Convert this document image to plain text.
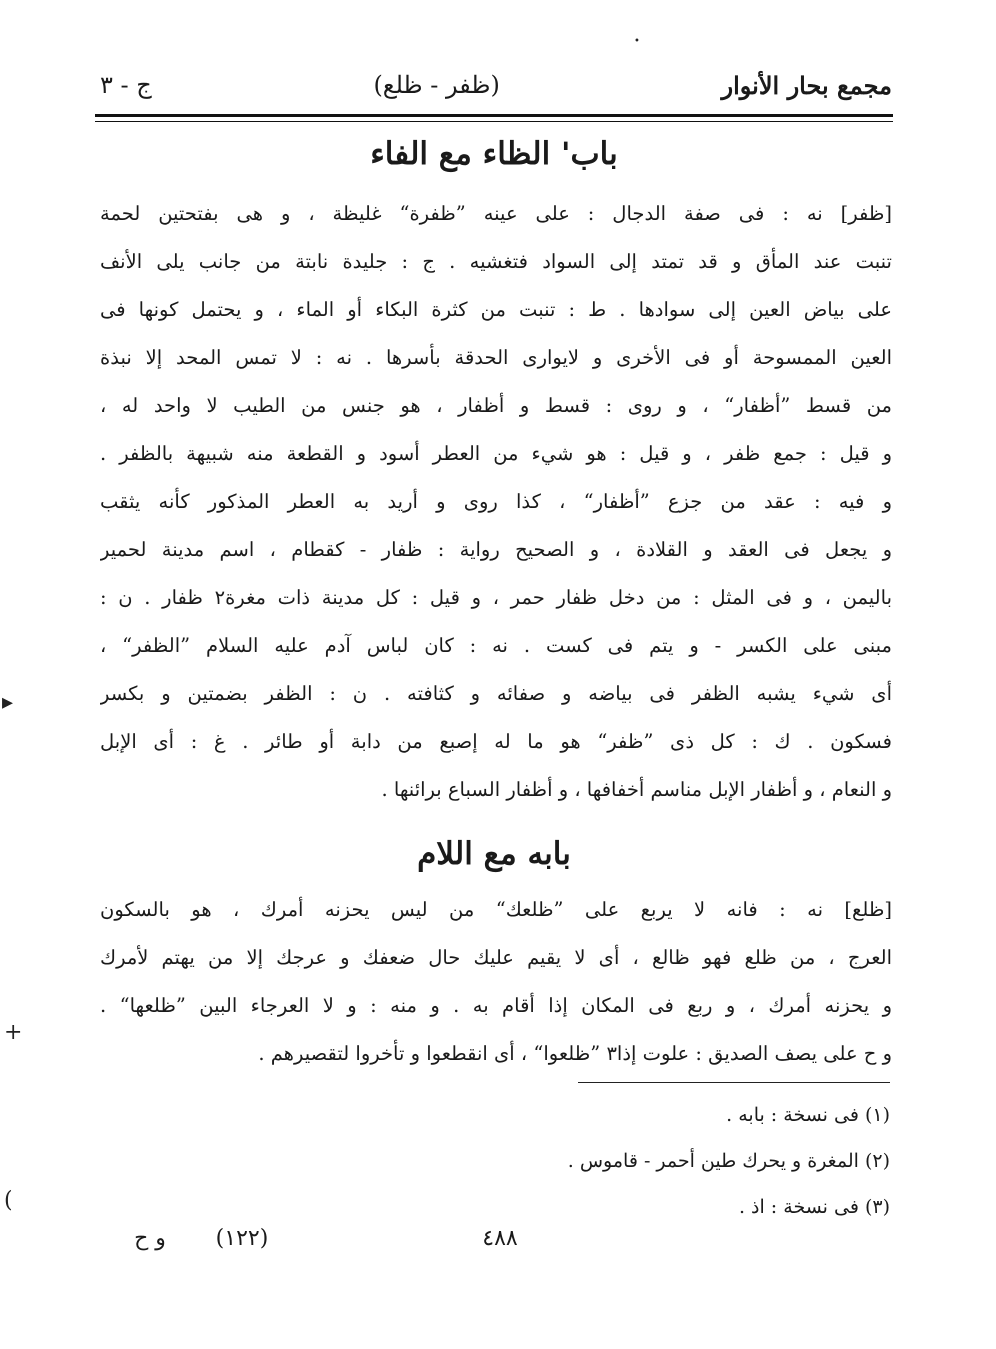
مجمع بحار الأنوار
(ظفر - ظلع)
ج - ٣
باب' الظاء مع الفاء
[ظفر] نه : فى صفة الدجال : على عينه ”ظفرة“ غليظة ، و هى بفتحتين لحمة
تنبت عند المأق و قد تمتد إلى السواد فتغشيه . ج : جليدة نابتة من جانب يلى الأنف
على بياض العين إلى سوادها . ط : تنبت من كثرة البكاء أو الماء ، و يحتمل كونها فى
العين الممسوحة أو فى الأخرى و لايوارى الحدقة بأسرها . نه : لا تمس المحد إلا نبذة
من قسط ”أظفار“ ، و روى : قسط و أظفار ، هو جنس من الطيب لا واحد له ،
و قيل : جمع ظفر ، و قيل : هو شيء من العطر أسود و القطعة منه شبيهة بالظفر .
و فيه : عقد من جزع ”أظفار“ ، كذا روى و أريد به العطر المذكور كأنه يثقب
و يجعل فى العقد و القلادة ، و الصحيح رواية : ظفار - كقطام ، اسم مدينة لحمير
باليمن ، و فى المثل : من دخل ظفار حمر ، و قيل : كل مدينة ذات مغرة٢ ظفار . ن :
مبنى على الكسر - و يتم فى كست . نه : كان لباس آدم عليه السلام ”الظفر“ ،
أى شيء يشبه الظفر فى بياضه و صفائه و كثافته . ن : الظفر بضمتين و بكسر
فسكون . ك : كل ذى ”ظفر“ هو ما له إصبع من دابة أو طائر . غ : أى الإبل
و النعام ، و أظفار الإبل مناسم أخفافها ، و أظفار السباع برائنها .
بابه مع اللام
[ظلع] نه : فانه لا يربع على ”ظلعك“ من ليس يحزنه أمرك ، هو بالسكون
العرج ، من ظلع فهو ظالع ، أى لا يقيم عليك حال ضعفك و عرجك إلا من يهتم لأمرك
و يحزنه أمرك ، و ربع فى المكان إذا أقام به . و منه : و لا العرجاء البين ”ظلعها“ .
و ح على يصف الصديق : علوت إذا٣ ”ظلعوا“ ، أى انقطعوا و تأخروا لتقصيرهم .
(١) فى نسخة : بابه .
(٢) المغرة و يحرك طين أحمر - قاموس .
(٣) فى نسخة : اذ .
٤٨٨
(١٢٢)
و ح
▸
+
(
•
